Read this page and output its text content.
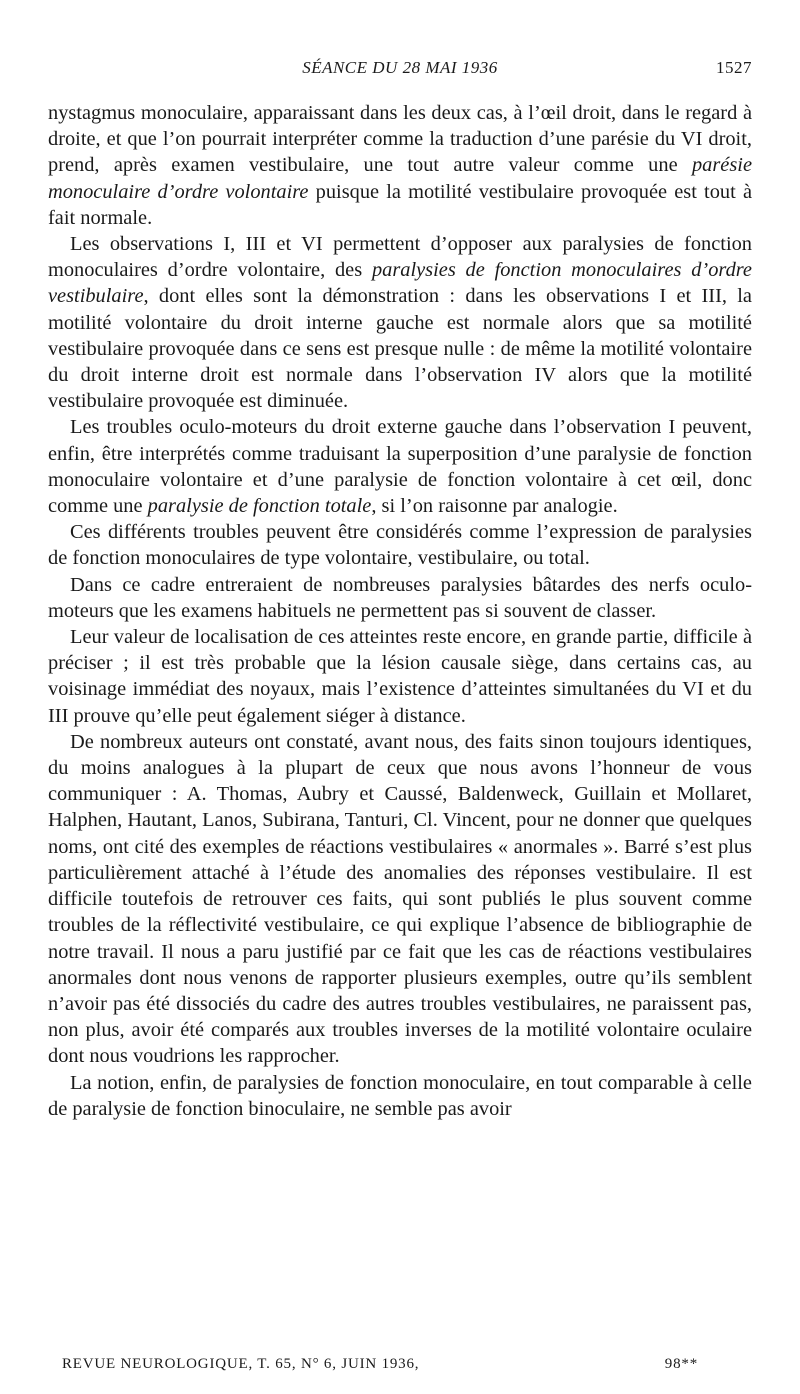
SÉANCE DU 28 MAI 1936	1527

nystagmus monoculaire, apparaissant dans les deux cas, à l’œil droit, dans le regard à droite, et que l’on pourrait interpréter comme la traduction d’une parésie du VI droit, prend, après examen vestibulaire, une tout autre valeur comme une parésie monoculaire d’ordre volontaire puisque la motilité vestibulaire provoquée est tout à fait normale.

Les observations I, III et VI permettent d’opposer aux paralysies de fonction monoculaires d’ordre volontaire, des paralysies de fonction monoculaires d’ordre vestibulaire, dont elles sont la démonstration : dans les observations I et III, la motilité volontaire du droit interne gauche est normale alors que sa motilité vestibulaire provoquée dans ce sens est presque nulle : de même la motilité volontaire du droit interne droit est normale dans l’observation IV alors que la motilité vestibulaire provoquée est diminuée.

Les troubles oculo-moteurs du droit externe gauche dans l’observation I peuvent, enfin, être interprétés comme traduisant la superposition d’une paralysie de fonction monoculaire volontaire et d’une paralysie de fonction volontaire à cet œil, donc comme une paralysie de fonction totale, si l’on raisonne par analogie.

Ces différents troubles peuvent être considérés comme l’expression de paralysies de fonction monoculaires de type volontaire, vestibulaire, ou total.

Dans ce cadre entreraient de nombreuses paralysies bâtardes des nerfs oculo-moteurs que les examens habituels ne permettent pas si souvent de classer.

Leur valeur de localisation de ces atteintes reste encore, en grande partie, difficile à préciser ; il est très probable que la lésion causale siège, dans certains cas, au voisinage immédiat des noyaux, mais l’existence d’atteintes simultanées du VI et du III prouve qu’elle peut également siéger à distance.

De nombreux auteurs ont constaté, avant nous, des faits sinon toujours identiques, du moins analogues à la plupart de ceux que nous avons l’honneur de vous communiquer : A. Thomas, Aubry et Caussé, Baldenweck, Guillain et Mollaret, Halphen, Hautant, Lanos, Subirana, Tanturi, Cl. Vincent, pour ne donner que quelques noms, ont cité des exemples de réactions vestibulaires « anormales ». Barré s’est plus particulièrement attaché à l’étude des anomalies des réponses vestibulaire. Il est difficile toutefois de retrouver ces faits, qui sont publiés le plus souvent comme troubles de la réflectivité vestibulaire, ce qui explique l’absence de bibliographie de notre travail. Il nous a paru justifié par ce fait que les cas de réactions vestibulaires anormales dont nous venons de rapporter plusieurs exemples, outre qu’ils semblent n’avoir pas été dissociés du cadre des autres troubles vestibulaires, ne paraissent pas, non plus, avoir été comparés aux troubles inverses de la motilité volontaire oculaire dont nous voudrions les rapprocher.

La notion, enfin, de paralysies de fonction monoculaire, en tout comparable à celle de paralysie de fonction binoculaire, ne semble pas avoir

REVUE NEUROLOGIQUE, T. 65, N° 6, JUIN 1936,	98**
